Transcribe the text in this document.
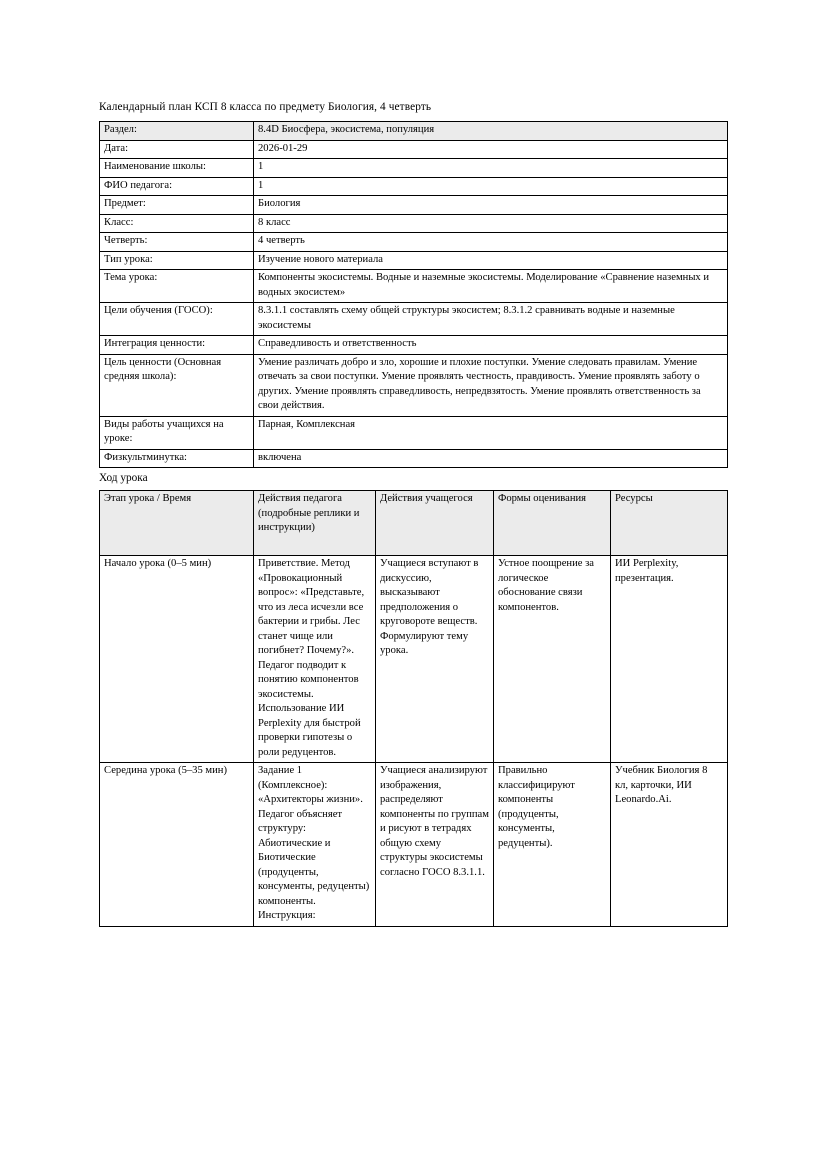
Календарный план КСП 8 класса по предмету Биология, 4 четверть

Раздел:	8.4D Биосфера, экосистема, популяция
Дата:	2026-01-29
Наименование школы:	1
ФИО педагога:	1
Предмет:	Биология
Класс:	8 класс
Четверть:	4 четверть
Тип урока:	Изучение нового материала
Тема урока:	Компоненты экосистемы. Водные и наземные экосистемы. Моделирование «Сравнение наземных и водных экосистем»
Цели обучения (ГОСО):	8.3.1.1 составлять схему общей структуры экосистем; 8.3.1.2 сравнивать водные и наземные экосистемы
Интеграция ценности:	Справедливость и ответственность
Цель ценности (Основная средняя школа):	Умение различать добро и зло, хорошие и плохие поступки. Умение следовать правилам. Умение отвечать за свои поступки. Умение проявлять честность, правдивость. Умение проявлять заботу о других. Умение проявлять справедливость, непредвзятость. Умение проявлять ответственность за свои действия.
Виды работы учащихся на уроке:	Парная, Комплексная
Физкультминутка:	включена

Ход урока

Этап урока / Время	Действия педагога (подробные реплики и инструкции)	Действия учащегося	Формы оценивания	Ресурсы
Начало урока (0–5 мин)	Приветствие. Метод «Провокационный вопрос»: «Представьте, что из леса исчезли все бактерии и грибы. Лес станет чище или погибнет? Почему?». Педагог подводит к понятию компонентов экосистемы. Использование ИИ Perplexity для быстрой проверки гипотезы о роли редуцентов.	Учащиеся вступают в дискуссию, высказывают предположения о круговороте веществ. Формулируют тему урока.	Устное поощрение за логическое обоснование связи компонентов.	ИИ Perplexity, презентация.
Середина урока (5–35 мин)	Задание 1 (Комплексное): «Архитекторы жизни». Педагог объясняет структуру: Абиотические и Биотические (продуценты, консументы, редуценты) компоненты. Инструкция:	Учащиеся анализируют изображения, распределяют компоненты по группам и рисуют в тетрадях общую схему структуры экосистемы согласно ГОСО 8.3.1.1.	Правильно классифицируют компоненты (продуценты, консументы, редуценты).	Учебник Биология 8 кл, карточки, ИИ Leonardo.Ai.
